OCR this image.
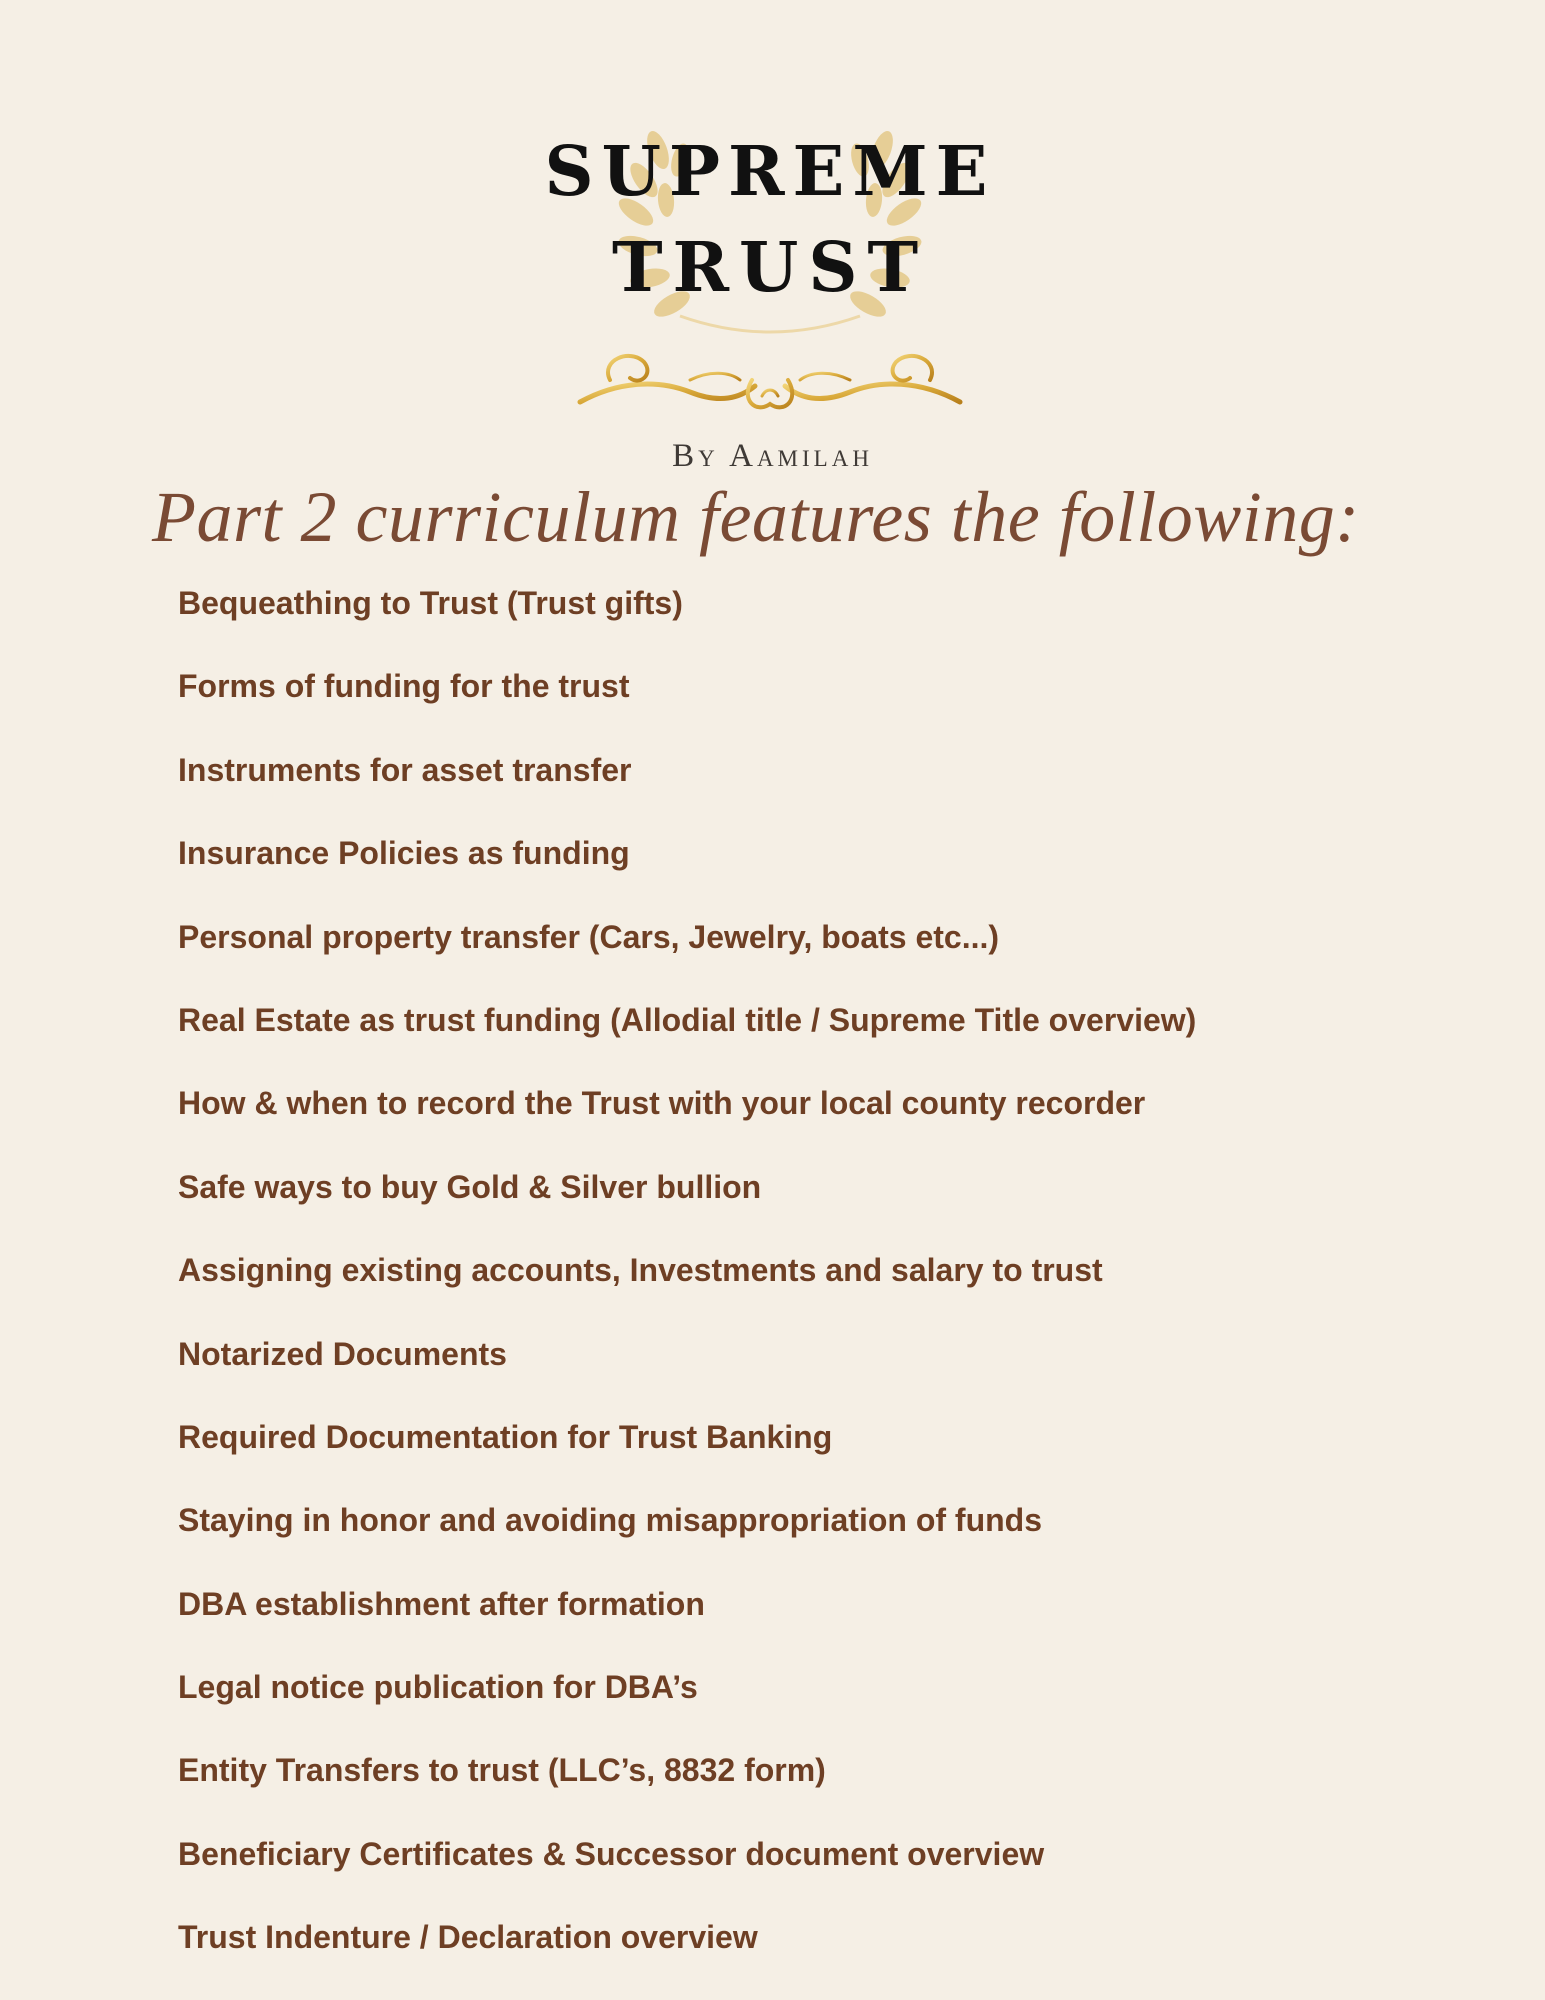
SUPREME
TRUST
By Aamilah
Part 2 curriculum features the following:
Bequeathing to Trust (Trust gifts)
Forms of funding for the trust
Instruments for asset transfer
Insurance Policies as funding
Personal property transfer (Cars, Jewelry, boats etc...)
Real Estate as trust funding (Allodial title / Supreme Title overview)
How & when to record the Trust with your local county recorder
Safe ways to buy Gold & Silver bullion
Assigning existing accounts, Investments and salary to trust
Notarized Documents
Required Documentation for Trust Banking
Staying in honor and avoiding misappropriation of funds
DBA establishment after formation
Legal notice publication for DBA’s
Entity Transfers to trust (LLC’s, 8832 form)
Beneficiary Certificates & Successor document overview
Trust Indenture / Declaration overview
